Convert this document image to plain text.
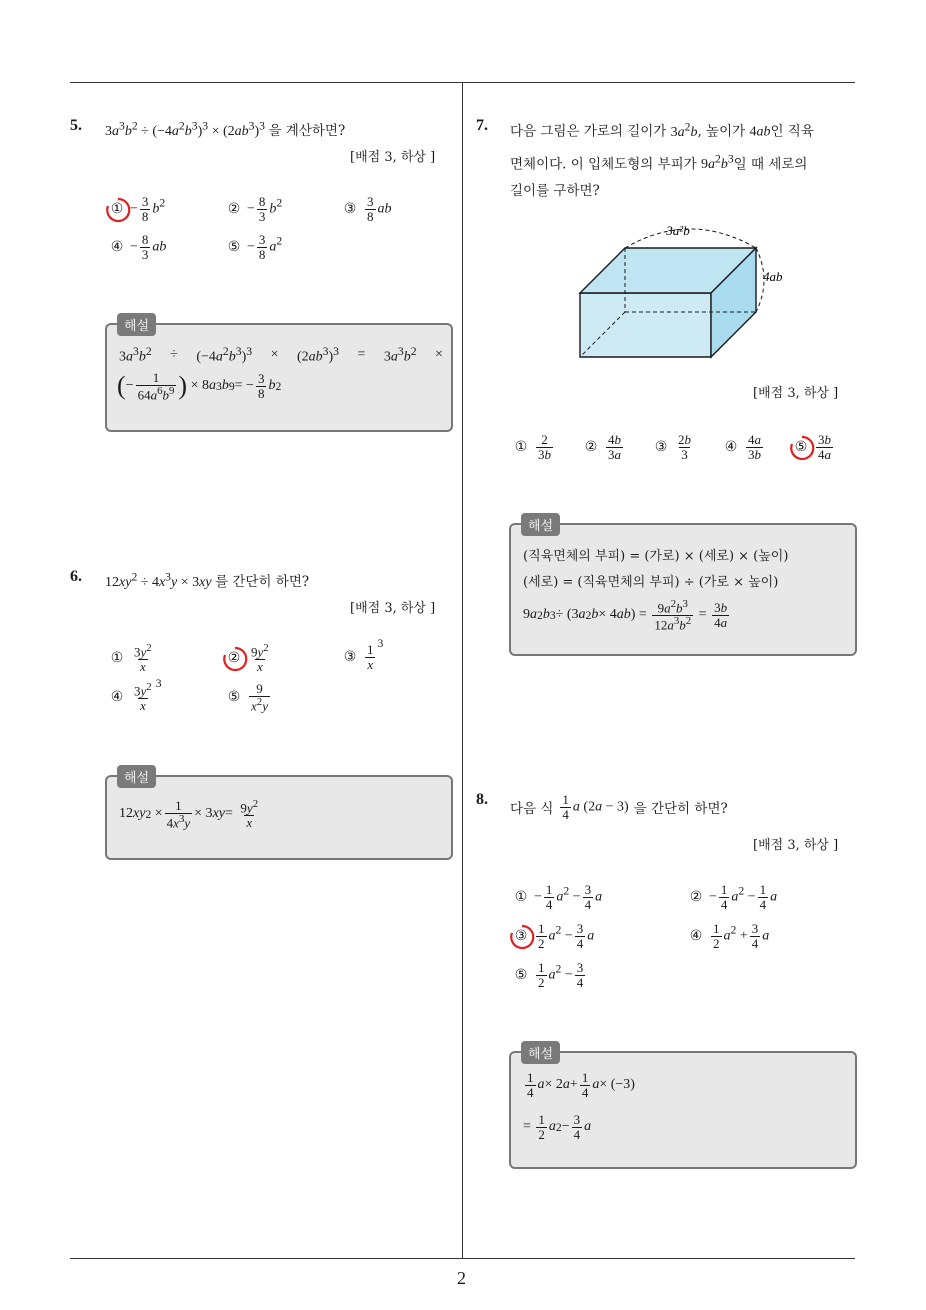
5. $3a^3b^2 \div (-4a^2b^3)^3 \times (2ab^3)^3$ 을 계산하면?
[배점 3, 하상 ]
① − $\frac{3}{8} b^2$	② − $\frac{8}{3} b^2$	③ $\frac{3}{8}$ ab
④ − $\frac{8}{3}$ ab	⑤ − $\frac{3}{8} a^2$
해설
$3a^3b^2 \div (-4a^2b^3)^3 \times (2ab^3)^3 = 3a^3b^2$ ×
( − $\frac{1}{64a^6b^9}$ ) × 8 a 3 b 9 = − $\frac{3}{8}$ b 2
6. $12xy^2 \div 4x^3y \times 3xy$ 를 간단히 하면?
[배점 3, 하상 ]
① $\frac{3y^2}{x}$	② $\frac{9y^2}{x}$	③ $\frac{1}{x} ^3$
④ $\frac{3y^2}{x} ^3$
⑤ $\frac{9}{x^2y}$
해설
12 xy $2 \times \frac{1}{4x^3y} \times 3$ xy = $\frac{9y^2}{x}$
7. 다음 그림은 가로의 길이가 $3a^2b$, 높이가 4ab인 직육
면체이다. 이 입체도형의 부피가 $9a^2b^3$일 때 세로의
길이를 구하면?
3a²b
4ab
[배점 3, 하상 ]
① $\frac{2}{3b}$ ② $\frac{4b}{3a}$ ③ $\frac{2b}{3}$ ④ $\frac{4a}{3b}$ ⑤ $\frac{3b}{4a}$
해설
(직육면체의 부피) = (가로) × (세로) × (높이)
(세로) = (직육면체의 부피) ÷ (가로 × 높이)
9 a 2 b 3 ÷ (3 a 2 b × 4 ab ) = $\frac{9a^2b^3}{12a^3b^2} = \frac{3b}{4a}$
8.
다음 식 $\frac{1}{4}$ a (2a − 3) 을 간단히 하면?
[배점 3, 하상 ]
① − $\frac{1}{4} a^2 - \frac{3}{4}$ a	② − $\frac{1}{4} a^2 - \frac{1}{4}$ a
③ $\frac{1}{2} a^2 - \frac{3}{4}$ a	④ $\frac{1}{2} a^2 + \frac{3}{4}$ a
⑤ $\frac{1}{2} a^2 - \frac{3}{4}$
해설
$\frac{1}{4}$ a × 2 $a + \frac{1}{4}$ a × (−3)
= $\frac{1}{2}$ a $2 - \frac{3}{4}$ a
2
